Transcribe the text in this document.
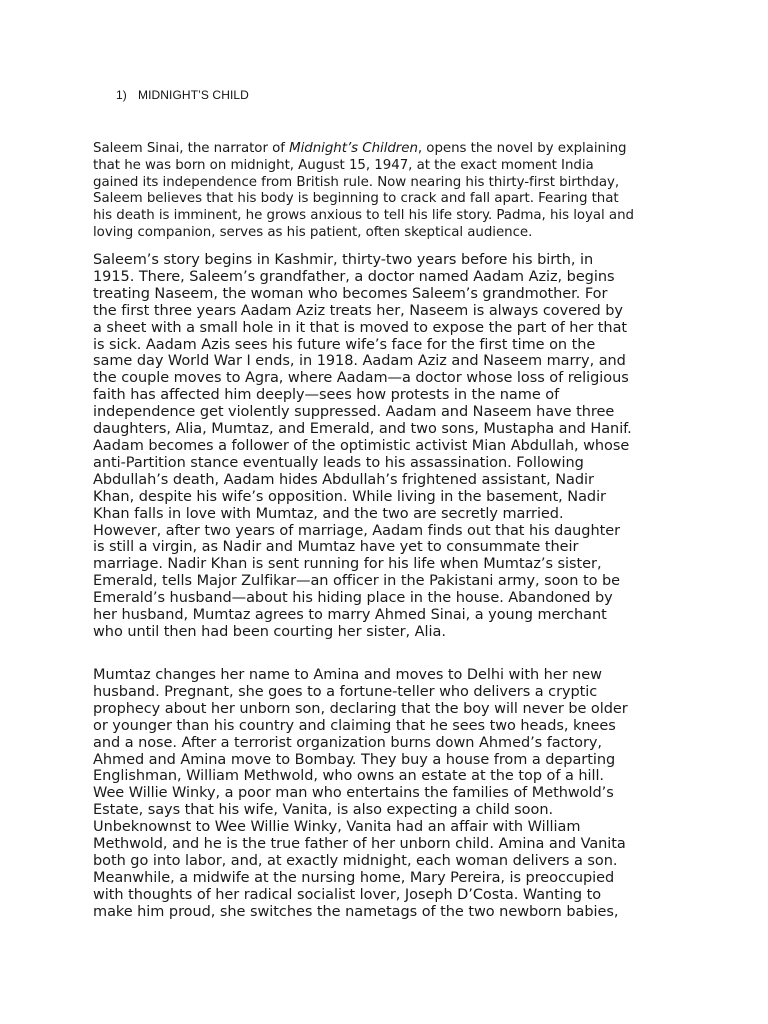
1) MIDNIGHT’S CHILD

Saleem Sinai, the narrator of Midnight’s Children, opens the novel by explaining
that he was born on midnight, August 15, 1947, at the exact moment India
gained its independence from British rule. Now nearing his thirty-first birthday,
Saleem believes that his body is beginning to crack and fall apart. Fearing that
his death is imminent, he grows anxious to tell his life story. Padma, his loyal and
loving companion, serves as his patient, often skeptical audience.

Saleem’s story begins in Kashmir, thirty-two years before his birth, in
1915. There, Saleem’s grandfather, a doctor named Aadam Aziz, begins
treating Naseem, the woman who becomes Saleem’s grandmother. For
the first three years Aadam Aziz treats her, Naseem is always covered by
a sheet with a small hole in it that is moved to expose the part of her that
is sick. Aadam Azis sees his future wife’s face for the first time on the
same day World War I ends, in 1918. Aadam Aziz and Naseem marry, and
the couple moves to Agra, where Aadam—a doctor whose loss of religious
faith has affected him deeply—sees how protests in the name of
independence get violently suppressed. Aadam and Naseem have three
daughters, Alia, Mumtaz, and Emerald, and two sons, Mustapha and Hanif.
Aadam becomes a follower of the optimistic activist Mian Abdullah, whose
anti-Partition stance eventually leads to his assassination. Following
Abdullah’s death, Aadam hides Abdullah’s frightened assistant, Nadir
Khan, despite his wife’s opposition. While living in the basement, Nadir
Khan falls in love with Mumtaz, and the two are secretly married.
However, after two years of marriage, Aadam finds out that his daughter
is still a virgin, as Nadir and Mumtaz have yet to consummate their
marriage. Nadir Khan is sent running for his life when Mumtaz’s sister,
Emerald, tells Major Zulfikar—an officer in the Pakistani army, soon to be
Emerald’s husband—about his hiding place in the house. Abandoned by
her husband, Mumtaz agrees to marry Ahmed Sinai, a young merchant
who until then had been courting her sister, Alia.

Mumtaz changes her name to Amina and moves to Delhi with her new
husband. Pregnant, she goes to a fortune-teller who delivers a cryptic
prophecy about her unborn son, declaring that the boy will never be older
or younger than his country and claiming that he sees two heads, knees
and a nose. After a terrorist organization burns down Ahmed’s factory,
Ahmed and Amina move to Bombay. They buy a house from a departing
Englishman, William Methwold, who owns an estate at the top of a hill.
Wee Willie Winky, a poor man who entertains the families of Methwold’s
Estate, says that his wife, Vanita, is also expecting a child soon.
Unbeknownst to Wee Willie Winky, Vanita had an affair with William
Methwold, and he is the true father of her unborn child. Amina and Vanita
both go into labor, and, at exactly midnight, each woman delivers a son.
Meanwhile, a midwife at the nursing home, Mary Pereira, is preoccupied
with thoughts of her radical socialist lover, Joseph D’Costa. Wanting to
make him proud, she switches the nametags of the two newborn babies,
